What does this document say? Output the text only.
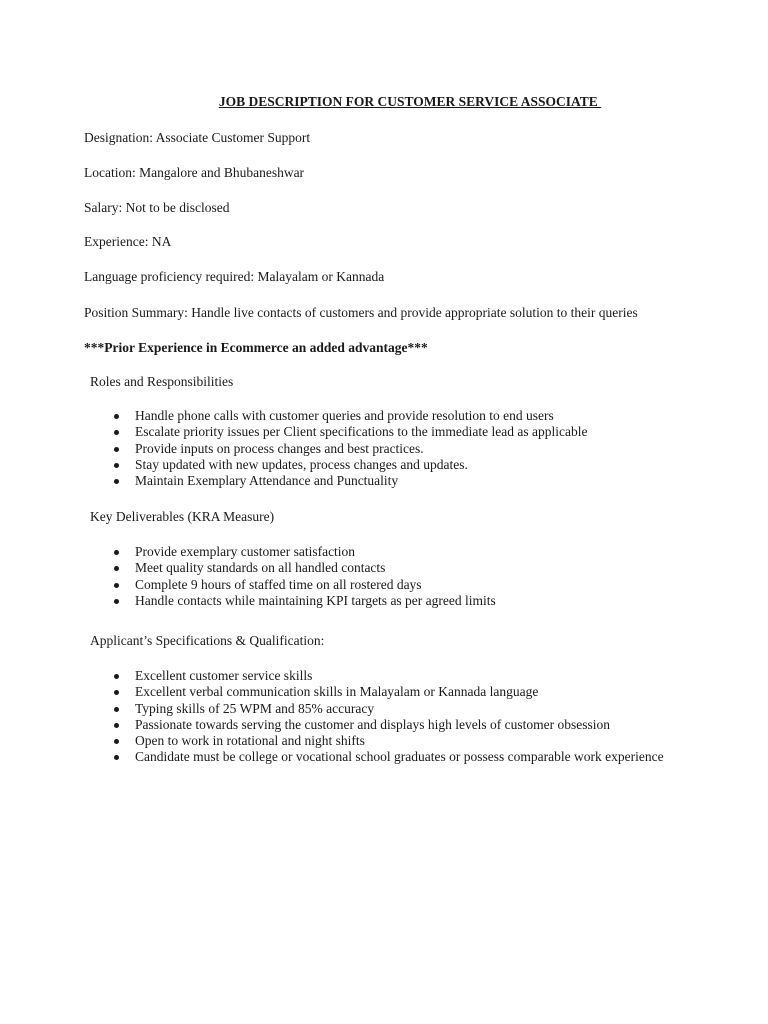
JOB DESCRIPTION FOR CUSTOMER SERVICE ASSOCIATE
Designation: Associate Customer Support
Location: Mangalore and Bhubaneshwar
Salary: Not to be disclosed
Experience: NA
Language proficiency required: Malayalam or Kannada
Position Summary: Handle live contacts of customers and provide appropriate solution to their queries
***Prior Experience in Ecommerce an added advantage***
Roles and Responsibilities
Handle phone calls with customer queries and provide resolution to end users
Escalate priority issues per Client specifications to the immediate lead as applicable
Provide inputs on process changes and best practices.
Stay updated with new updates, process changes and updates.
Maintain Exemplary Attendance and Punctuality
Key Deliverables (KRA Measure)
Provide exemplary customer satisfaction
Meet quality standards on all handled contacts
Complete 9 hours of staffed time on all rostered days
Handle contacts while maintaining KPI targets as per agreed limits
Applicant’s Specifications & Qualification:
Excellent customer service skills
Excellent verbal communication skills in Malayalam or Kannada language
Typing skills of 25 WPM and 85% accuracy
Passionate towards serving the customer and displays high levels of customer obsession
Open to work in rotational and night shifts
Candidate must be college or vocational school graduates or possess comparable work experience
